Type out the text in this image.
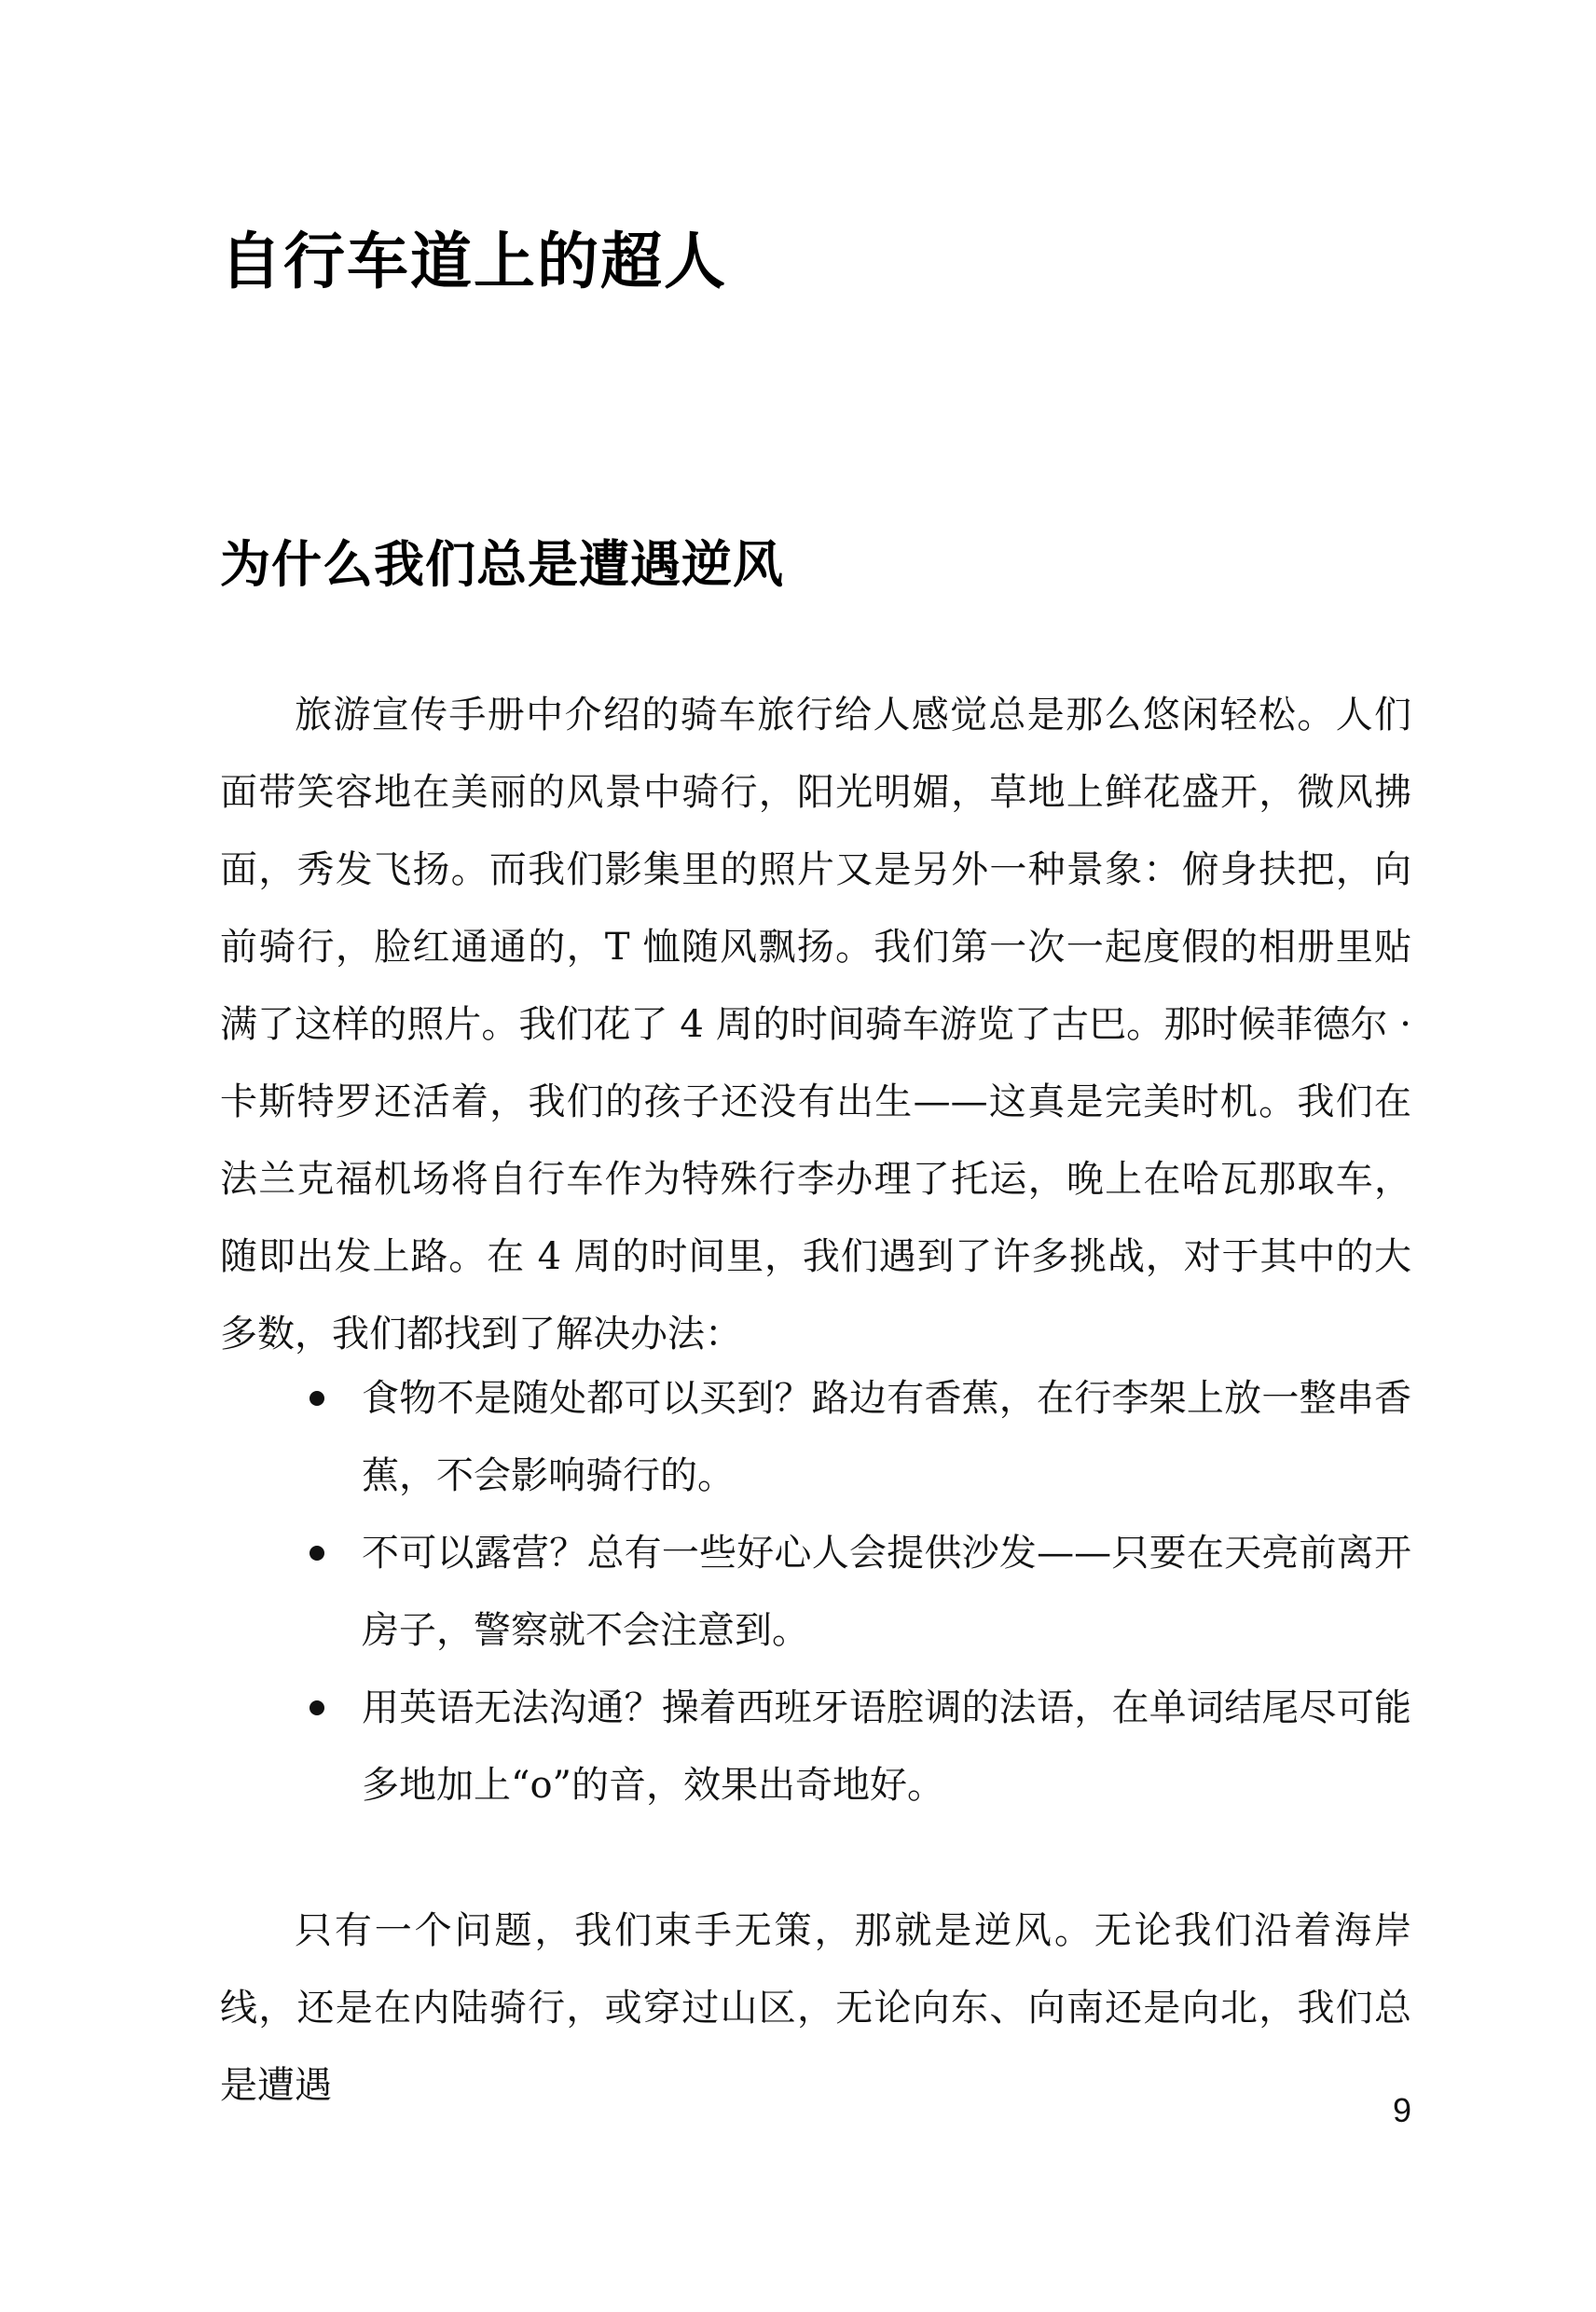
自行车道上的超人
为什么我们总是遭遇逆风

旅游宣传手册中介绍的骑车旅行给人感觉总是那么悠闲轻松。人们面带笑容地在美丽的风景中骑行，阳光明媚，草地上鲜花盛开，微风拂面，秀发飞扬。而我们影集里的照片又是另外一种景象：俯身扶把，向前骑行，脸红通通的，T 恤随风飘扬。我们第一次一起度假的相册里贴满了这样的照片。我们花了 4 周的时间骑车游览了古巴。那时候菲德尔 · 卡斯特罗还活着，我们的孩子还没有出生——这真是完美时机。我们在法兰克福机场将自行车作为特殊行李办理了托运，晚上在哈瓦那取车，随即出发上路。在 4 周的时间里，我们遇到了许多挑战，对于其中的大多数，我们都找到了解决办法：

食物不是随处都可以买到？路边有香蕉，在行李架上放一整串香蕉，不会影响骑行的。
不可以露营？总有一些好心人会提供沙发——只要在天亮前离开房子，警察就不会注意到。
用英语无法沟通？操着西班牙语腔调的法语，在单词结尾尽可能多地加上“o”的音，效果出奇地好。

只有一个问题，我们束手无策，那就是逆风。无论我们沿着海岸线，还是在内陆骑行，或穿过山区，无论向东、向南还是向北，我们总是遭遇

9
